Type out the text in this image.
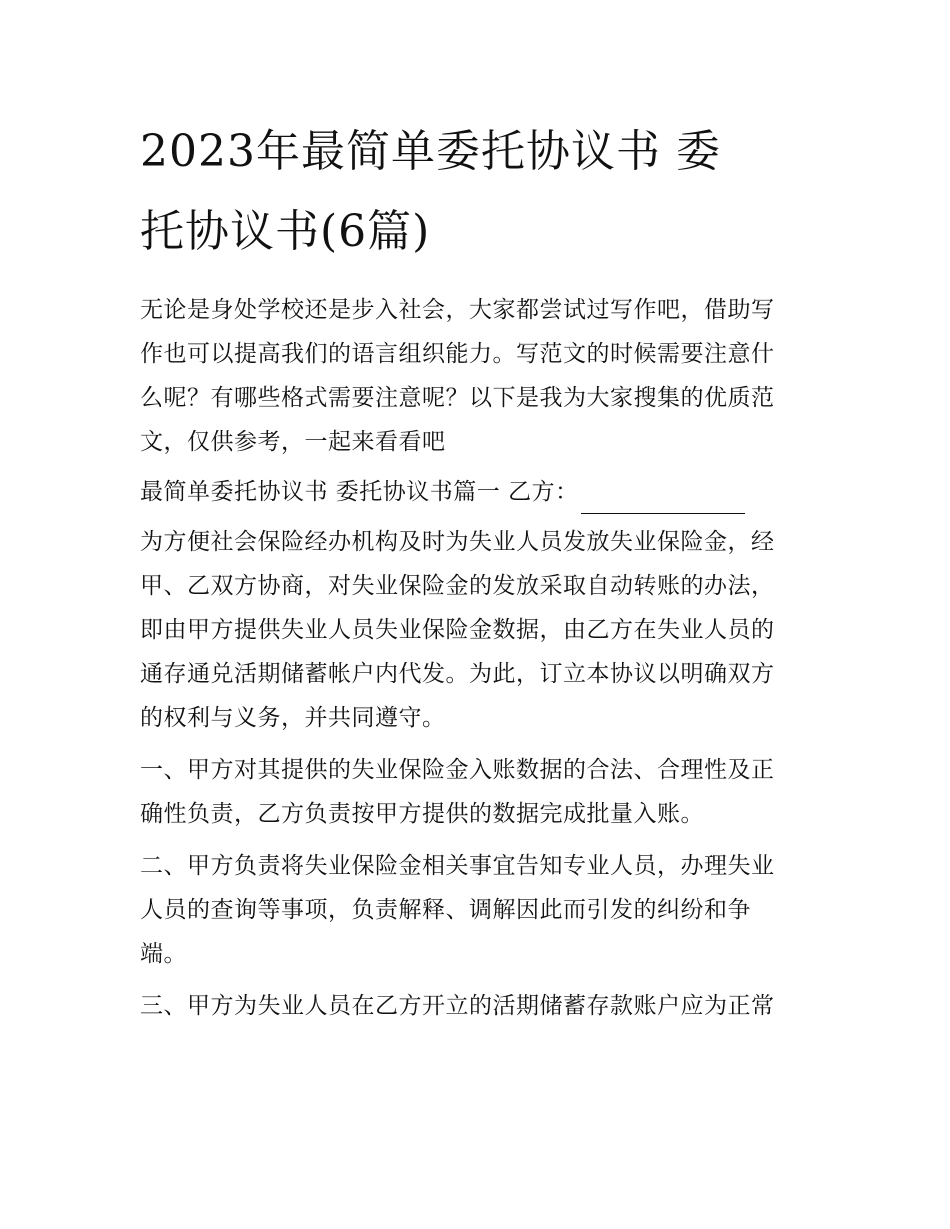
2023年最简单委托协议书 委
托协议书(6篇)
无论是身处学校还是步入社会，大家都尝试过写作吧，借助写
作也可以提高我们的语言组织能力。写范文的时候需要注意什
么呢？有哪些格式需要注意呢？以下是我为大家搜集的优质范
文，仅供参考，一起来看看吧
最简单委托协议书 委托协议书篇一 乙方：
为方便社会保险经办机构及时为失业人员发放失业保险金，经
甲、乙双方协商，对失业保险金的发放采取自动转账的办法，
即由甲方提供失业人员失业保险金数据，由乙方在失业人员的
通存通兑活期储蓄帐户内代发。为此，订立本协议以明确双方
的权利与义务，并共同遵守。
一、甲方对其提供的失业保险金入账数据的合法、合理性及正
确性负责，乙方负责按甲方提供的数据完成批量入账。
二、甲方负责将失业保险金相关事宜告知专业人员，办理失业
人员的查询等事项，负责解释、调解因此而引发的纠纷和争
端。
三、甲方为失业人员在乙方开立的活期储蓄存款账户应为正常
